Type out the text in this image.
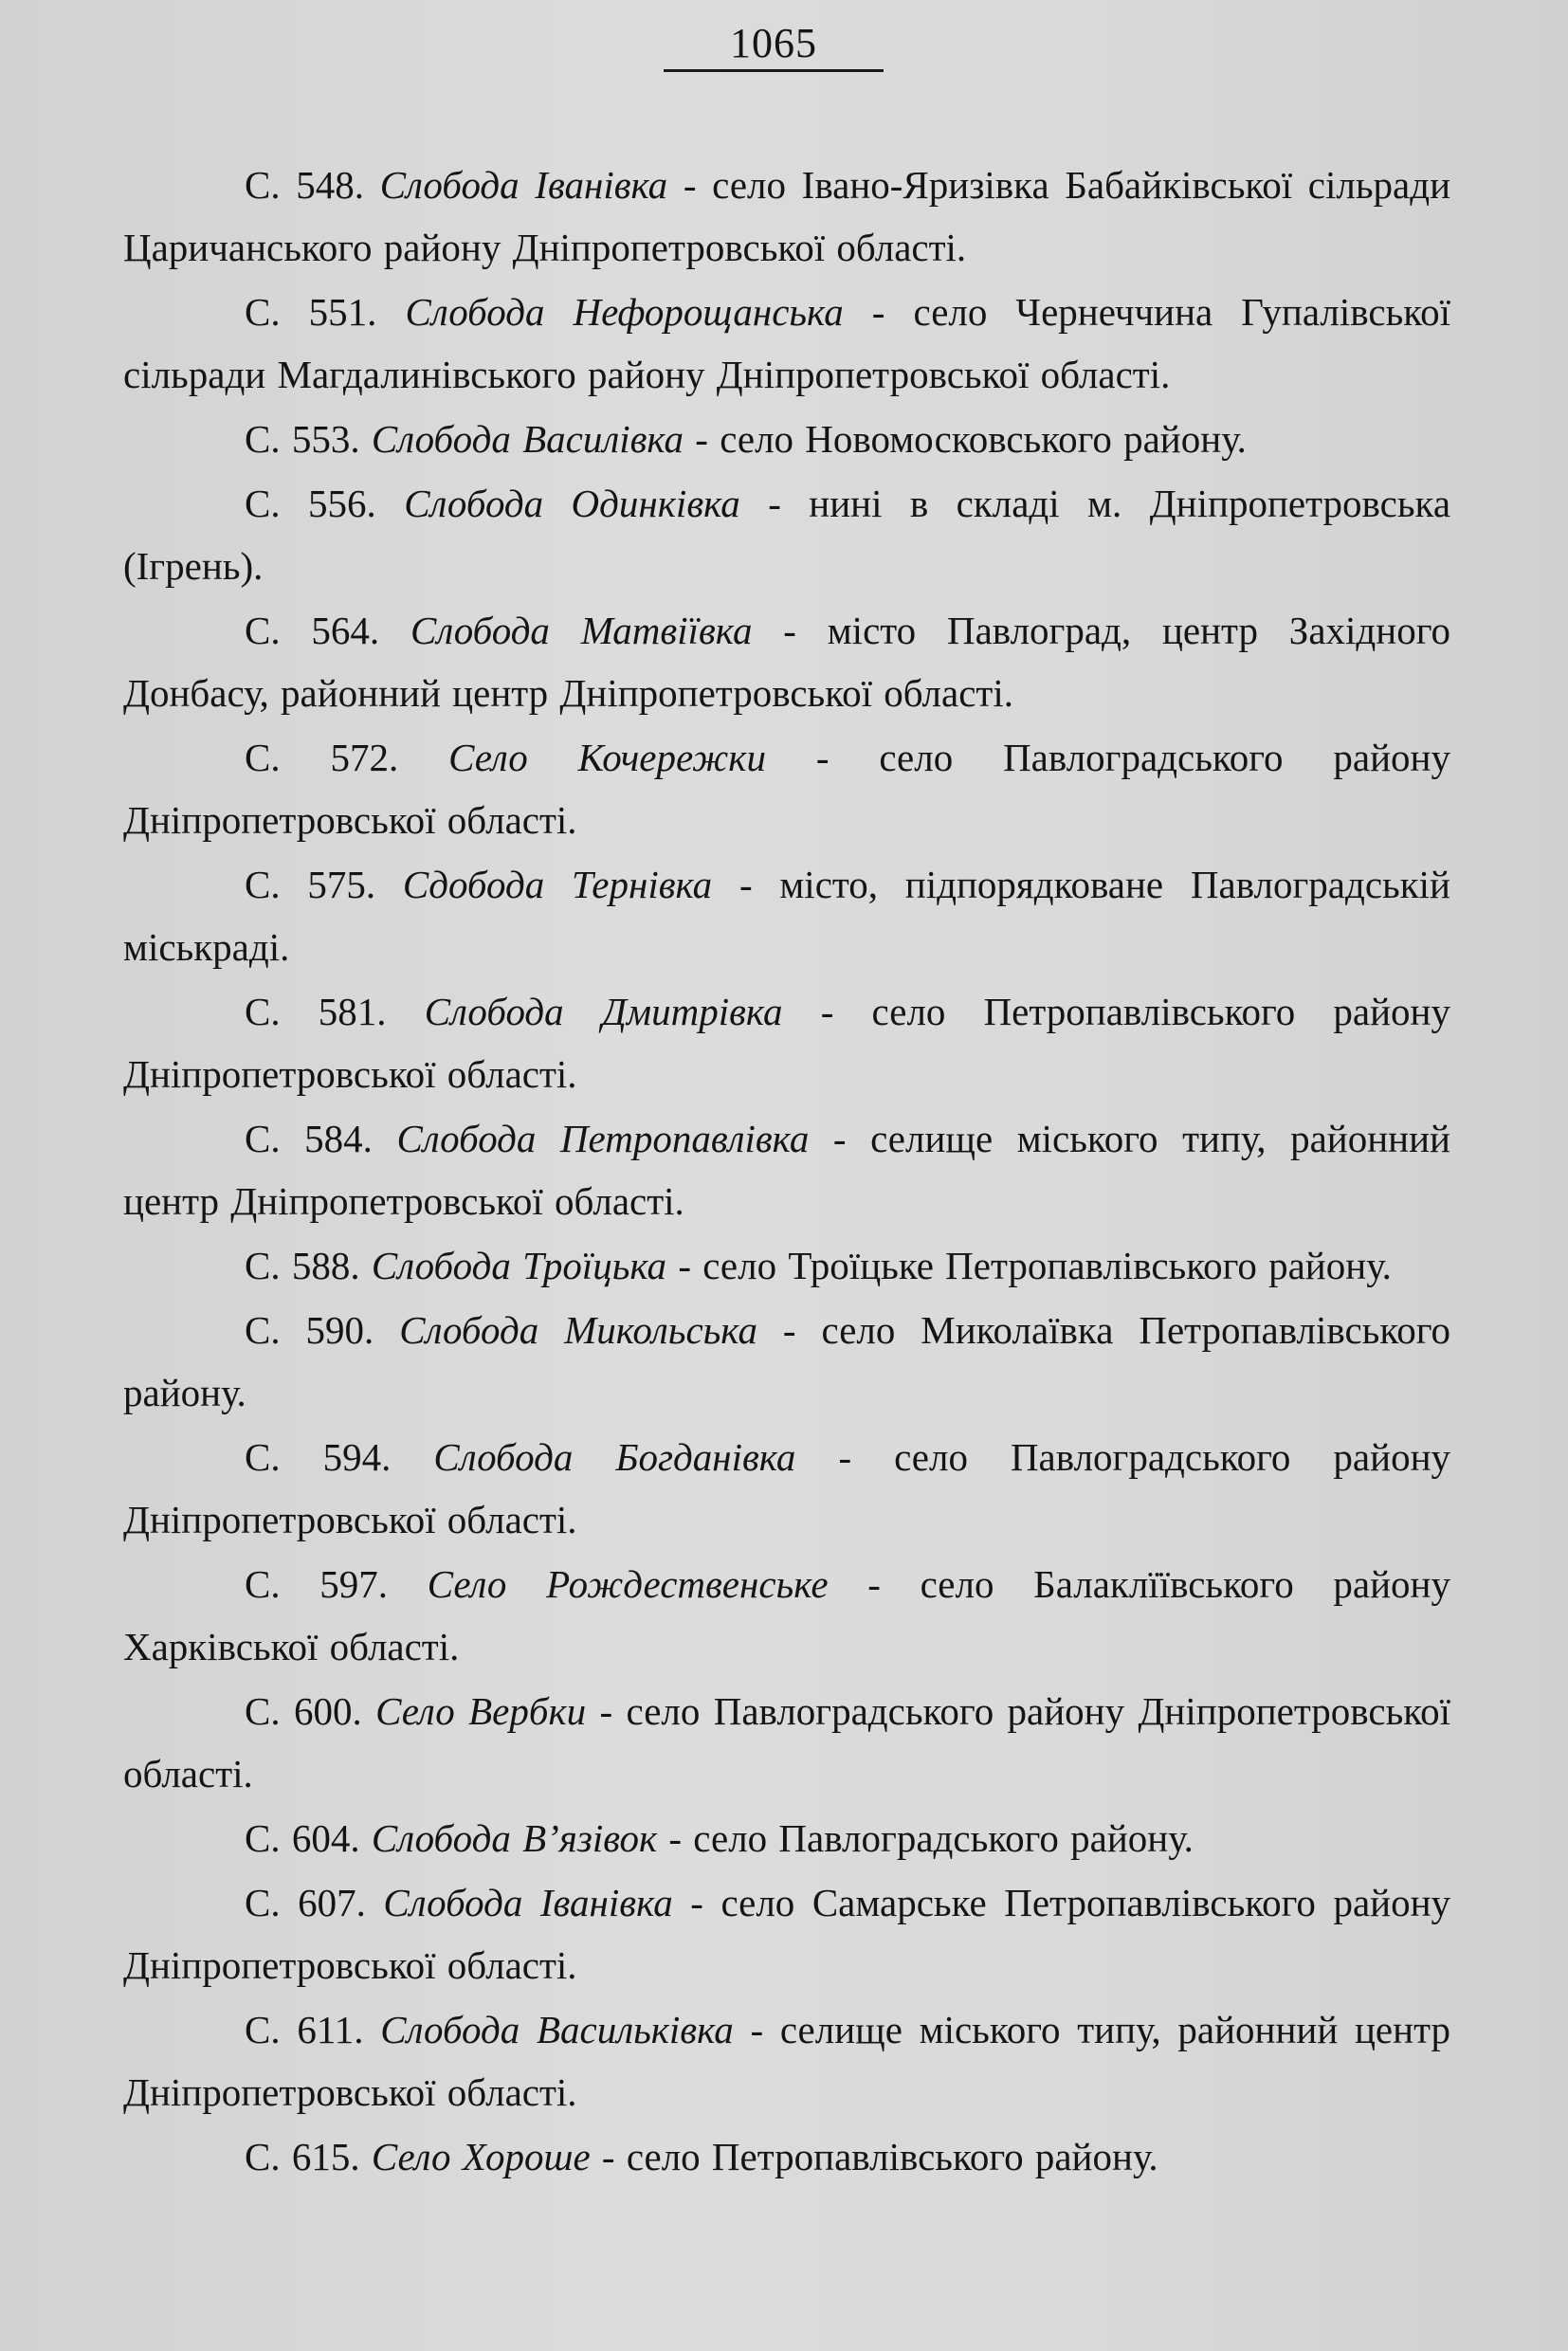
1065

С. 548. Слобода Іванівка - село Івано-Яризівка Бабайківської сільради Царичанського району Дніпропетровської області.

С. 551. Слобода Нефорощанська - село Чернеччина Гупалівської сільради Магдалинівського району Дніпропетровської області.

С. 553. Слобода Василівка - село Новомосковського району.

С. 556. Слобода Одинківка - нині в складі м. Дніпропетровська (Ігрень).

С. 564. Слобода Матвіївка - місто Павлоград, центр Західного Донбасу, районний центр Дніпропетровської області.

С. 572. Село Кочережки - село Павлоградського району Дніпропетровської області.

С. 575. Сдобода Тернівка - місто, підпорядковане Павлоградській міськраді.

С. 581. Слобода Дмитрівка - село Петропавлівського району Дніпропетровської області.

С. 584. Слобода Петропавлівка - селище міського типу, районний центр Дніпропетровської області.

С. 588. Слобода Троїцька - село Троїцьке Петропавлівського району.

С. 590. Слобода Микольська - село Миколаївка Петропавлівського району.

С. 594. Слобода Богданівка - село Павлоградського району Дніпропетровської області.

С. 597. Село Рождественське - село Балаклїївського району Харківської області.

С. 600. Село Вербки - село Павлоградського району Дніпропетровської області.

С. 604. Слобода В’язівок - село Павлоградського району.

С. 607. Слобода Іванівка - село Самарське Петропавлівського району Дніпропетровської області.

С. 611. Слобода Васильківка - селище міського типу, районний центр Дніпропетровської області.

С. 615. Село Хороше - село Петропавлівського району.
